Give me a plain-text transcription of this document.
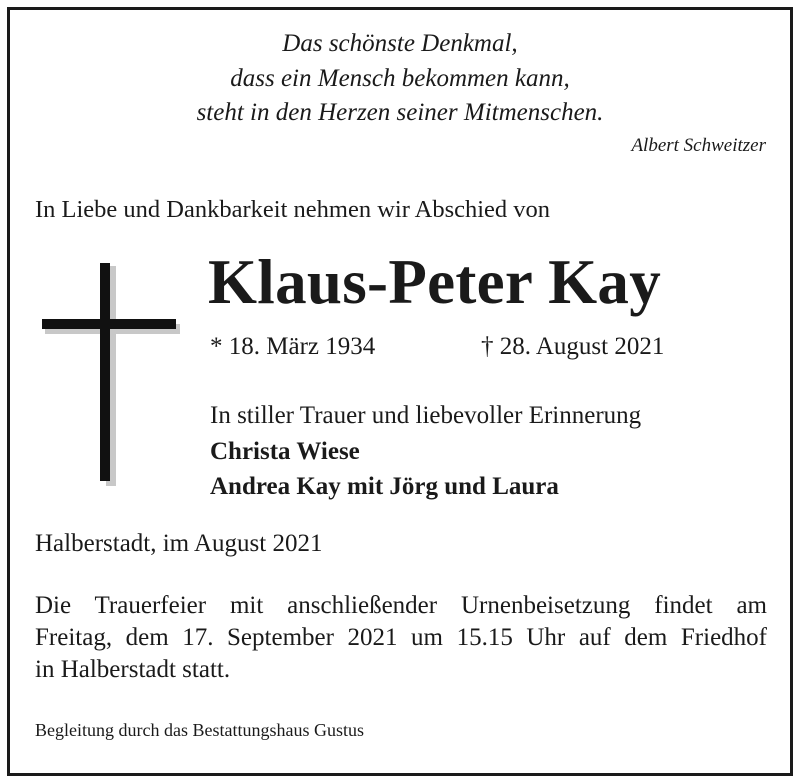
Das schönste Denkmal,
dass ein Mensch bekommen kann,
steht in den Herzen seiner Mitmenschen.
Albert Schweitzer
In Liebe und Dankbarkeit nehmen wir Abschied von
Klaus-Peter Kay
* 18. März 1934	† 28. August 2021
In stiller Trauer und liebevoller Erinnerung
Christa Wiese
Andrea Kay mit Jörg und Laura
Halberstadt, im August 2021
Die Trauerfeier mit anschließender Urnenbeisetzung findet am
Freitag, dem 17. September 2021 um 15.15 Uhr auf dem Friedhof
in Halberstadt statt.
Begleitung durch das Bestattungshaus Gustus
